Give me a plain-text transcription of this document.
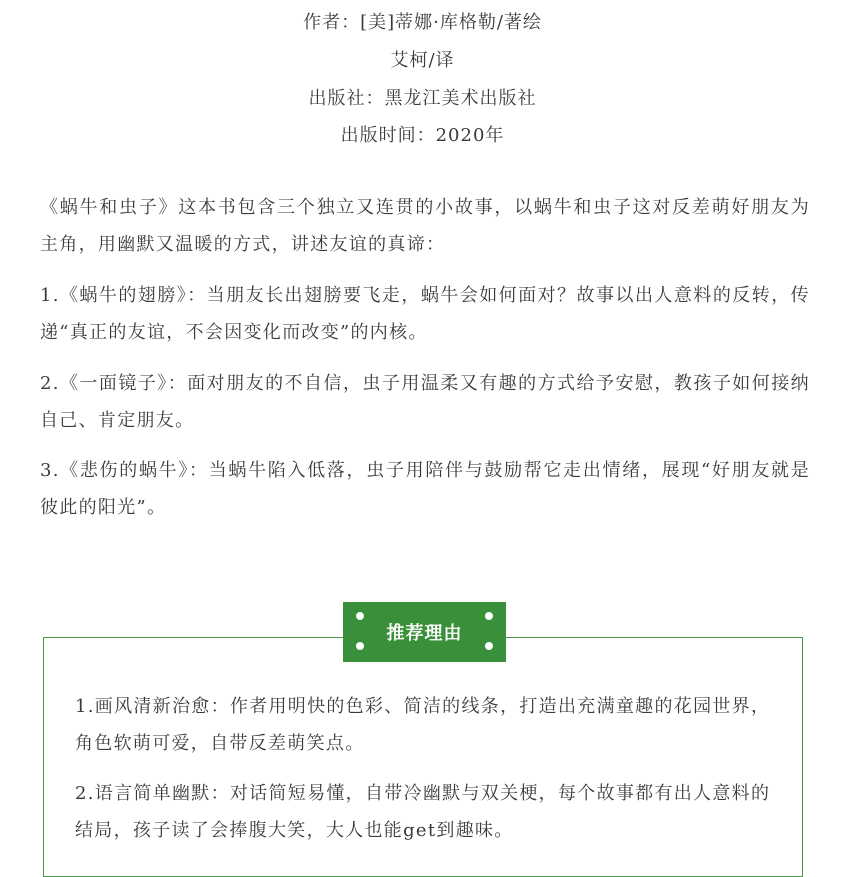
作者：[美]蒂娜·库格勒/著绘
艾柯/译
出版社：黑龙江美术出版社
出版时间：2020年
《蜗牛和虫子》这本书包含三个独立又连贯的小故事，以蜗牛和虫子这对反差萌好朋友为主角，用幽默又温暖的方式，讲述友谊的真谛：
1.《蜗牛的翅膀》：当朋友长出翅膀要飞走，蜗牛会如何面对？故事以出人意料的反转，传递“真正的友谊，不会因变化而改变”的内核。
2.《一面镜子》：面对朋友的不自信，虫子用温柔又有趣的方式给予安慰，教孩子如何接纳自己、肯定朋友。
3.《悲伤的蜗牛》：当蜗牛陷入低落，虫子用陪伴与鼓励帮它走出情绪，展现“好朋友就是彼此的阳光”。
推荐理由
1.画风清新治愈：作者用明快的色彩、简洁的线条，打造出充满童趣的花园世界，角色软萌可爱，自带反差萌笑点。
2.语言简单幽默：对话简短易懂，自带冷幽默与双关梗，每个故事都有出人意料的结局，孩子读了会捧腹大笑，大人也能get到趣味。
